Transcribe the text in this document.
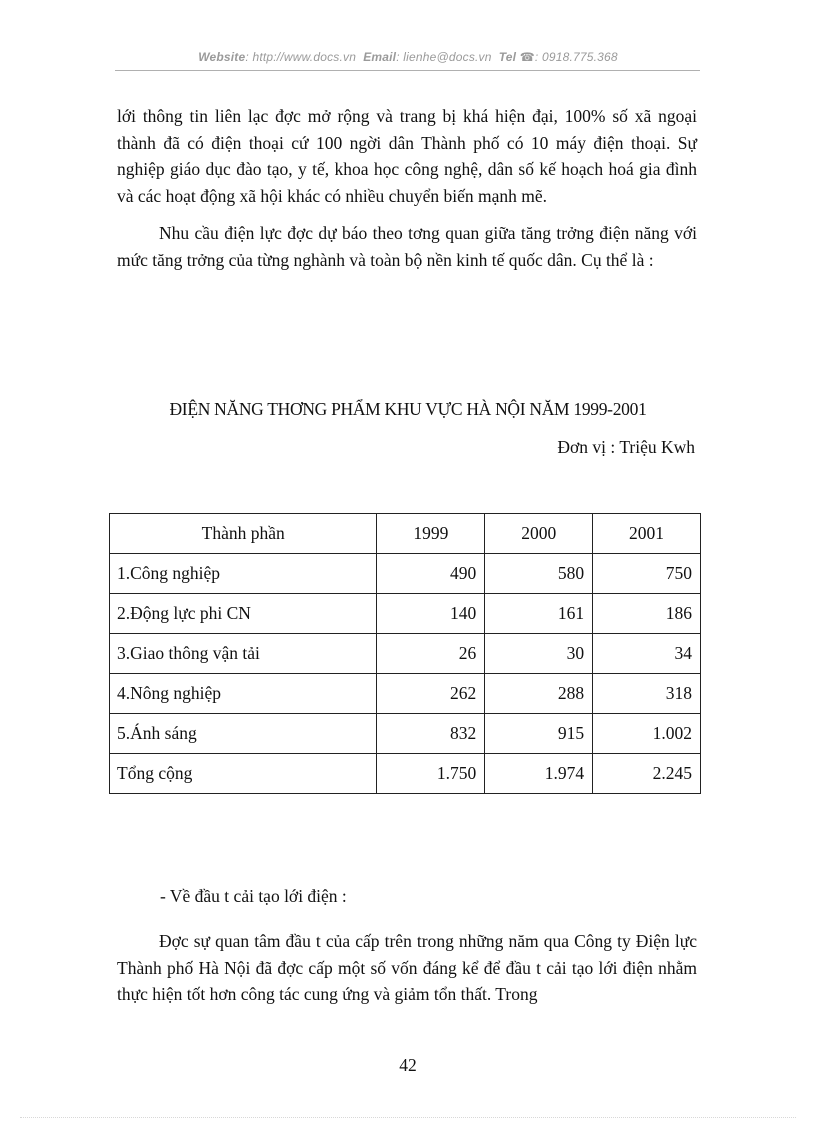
Website: http://www.docs.vn Email: lienhe@docs.vn Tel ☎: 0918.775.368

lới thông tin liên lạc đợc mở rộng và trang bị khá hiện đại, 100% số xã ngoại thành đã có điện thoại cứ 100 ngời dân Thành phố có 10 máy điện thoại. Sự nghiệp giáo dục đào tạo, y tế, khoa học công nghệ, dân số kế hoạch hoá gia đình và các hoạt động xã hội khác có nhiều chuyển biến mạnh mẽ.

Nhu cầu điện lực đợc dự báo theo tơng quan giữa tăng trởng điện năng với mức tăng trởng của từng nghành và toàn bộ nền kinh tế quốc dân. Cụ thể là :

ĐIỆN NĂNG THƠNG PHẨM KHU VỰC HÀ NỘI NĂM 1999-2001
Đơn vị : Triệu Kwh
Thành phần	1999	2000	2001
1.Công nghiệp	490	580	750
2.Động lực phi CN	140	161	186
3.Giao thông vận tải	26	30	34
4.Nông nghiệp	262	288	318
5.Ánh sáng	832	915	1.002
Tổng cộng	1.750	1.974	2.245
- Về đầu t cải tạo lới điện :

Đợc sự quan tâm đầu t của cấp trên trong những năm qua Công ty Điện lực Thành phố Hà Nội đã đợc cấp một số vốn đáng kể để đầu t cải tạo lới điện nhằm thực hiện tốt hơn công tác cung ứng và giảm tổn thất. Trong

42
